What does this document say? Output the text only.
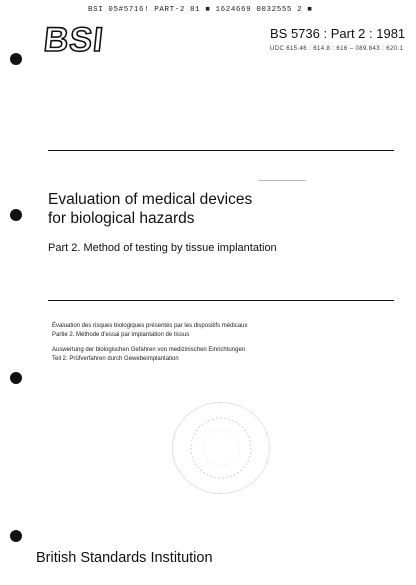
BSI 05#5716! PART-2 81 ■ 1624669 0032555 2 ■
BSI	BS 5736 : Part 2 : 1981
UDC 615.46 : 614.8 : 616 – 089.843 : 620.1
Evaluation of medical devices
for biological hazards
Part 2. Method of testing by tissue implantation
Évaluation des risques biologiques présentés par les dispositifs médicaux
Partie 2. Méthode d'essai par implantation de tissus
Auswertung der biologischen Gefahren von medizinischen Einrichtungen
Teil 2. Prüfverfahren durch Gewebeimplantation
British Standards Institution
